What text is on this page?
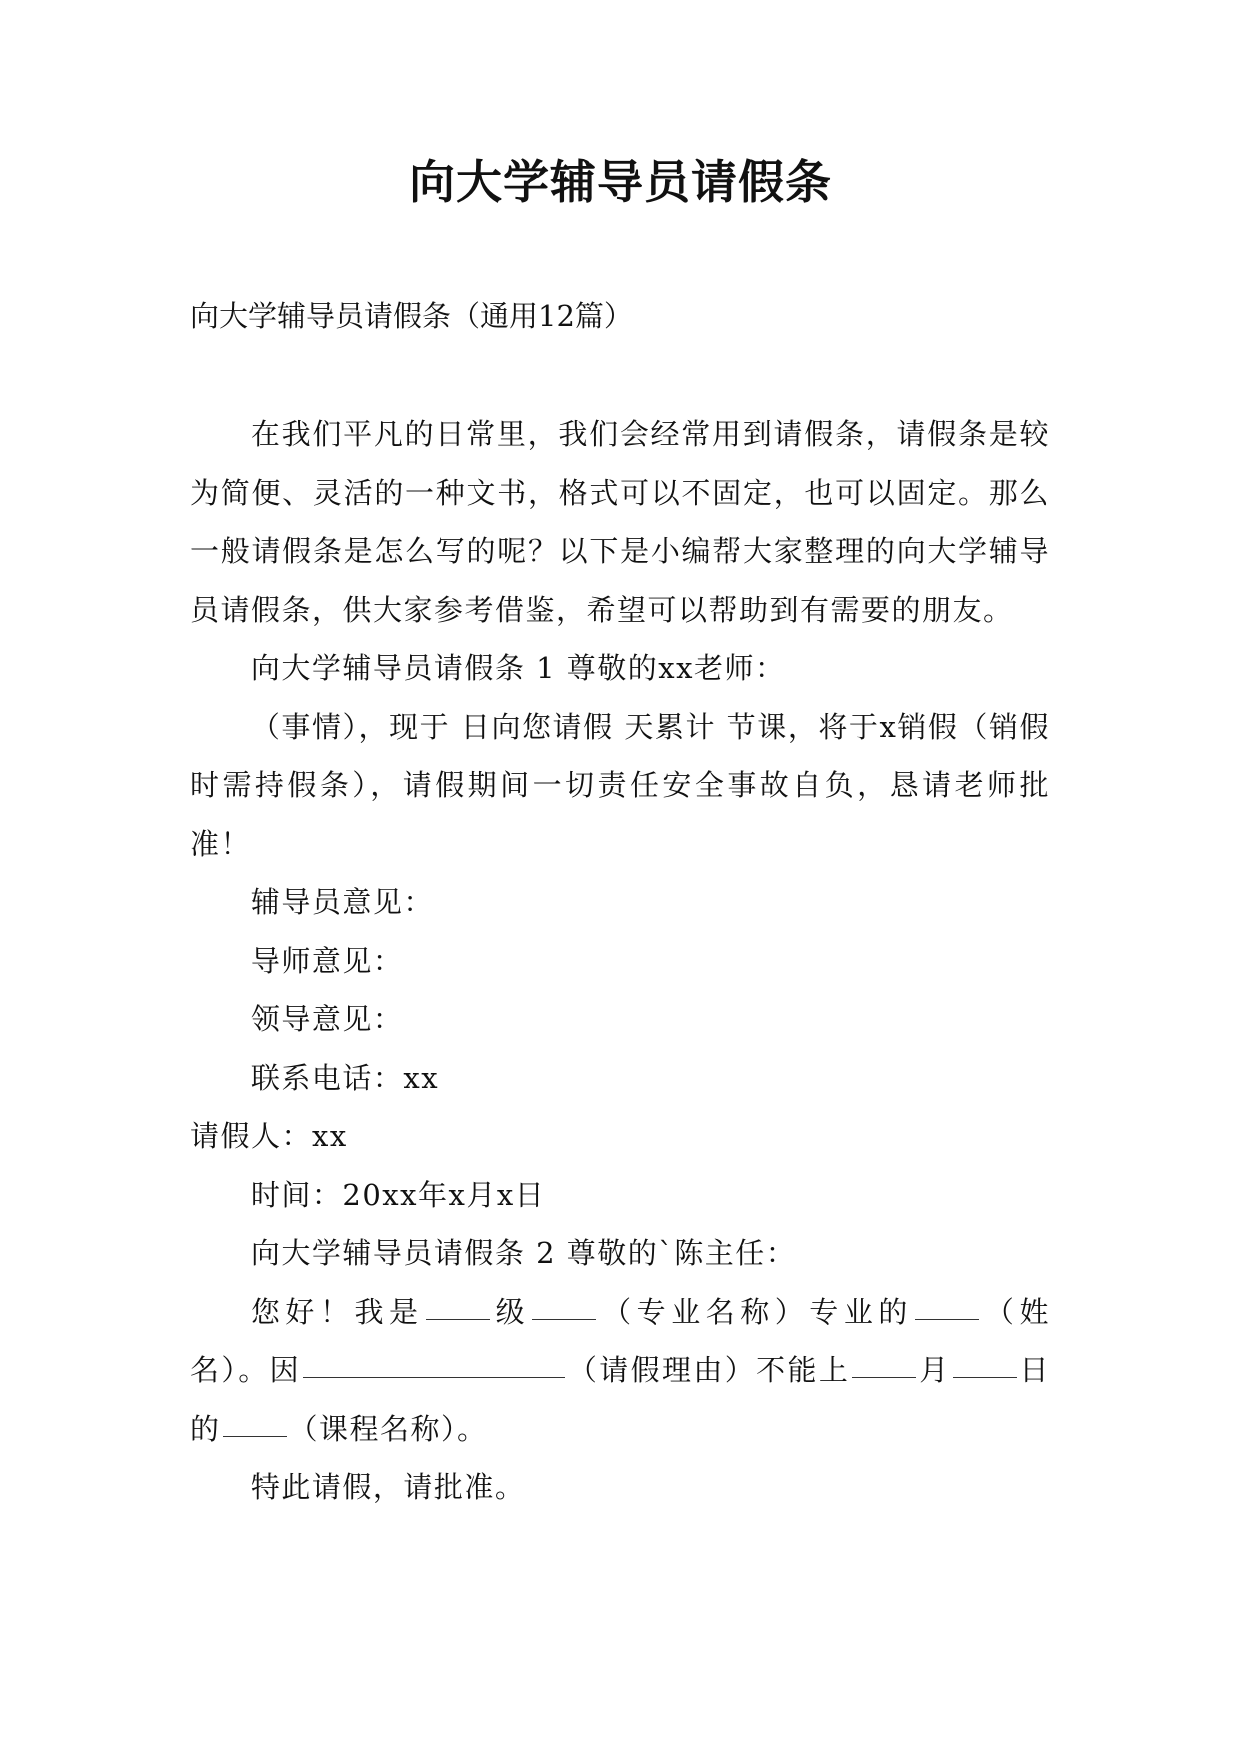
向大学辅导员请假条

向大学辅导员请假条（通用12篇）

在我们平凡的日常里，我们会经常用到请假条，请假条是较为简便、灵活的一种文书，格式可以不固定，也可以固定。那么一般请假条是怎么写的呢？以下是小编帮大家整理的向大学辅导员请假条，供大家参考借鉴，希望可以帮助到有需要的朋友。

向大学辅导员请假条 1 尊敬的xx老师：

（事情），现于 日向您请假 天累计 节课，将于x销假（销假时需持假条），请假期间一切责任安全事故自负，恳请老师批准！

辅导员意见：

导师意见：

领导意见：

联系电话：xx

请假人：xx

时间：20xx年x月x日

向大学辅导员请假条 2 尊敬的`陈主任：

您好！我是 级 （专业名称）专业的 （姓名）。因	（请假理由）不能上 月 日的 （课程名称）。

特此请假，请批准。
